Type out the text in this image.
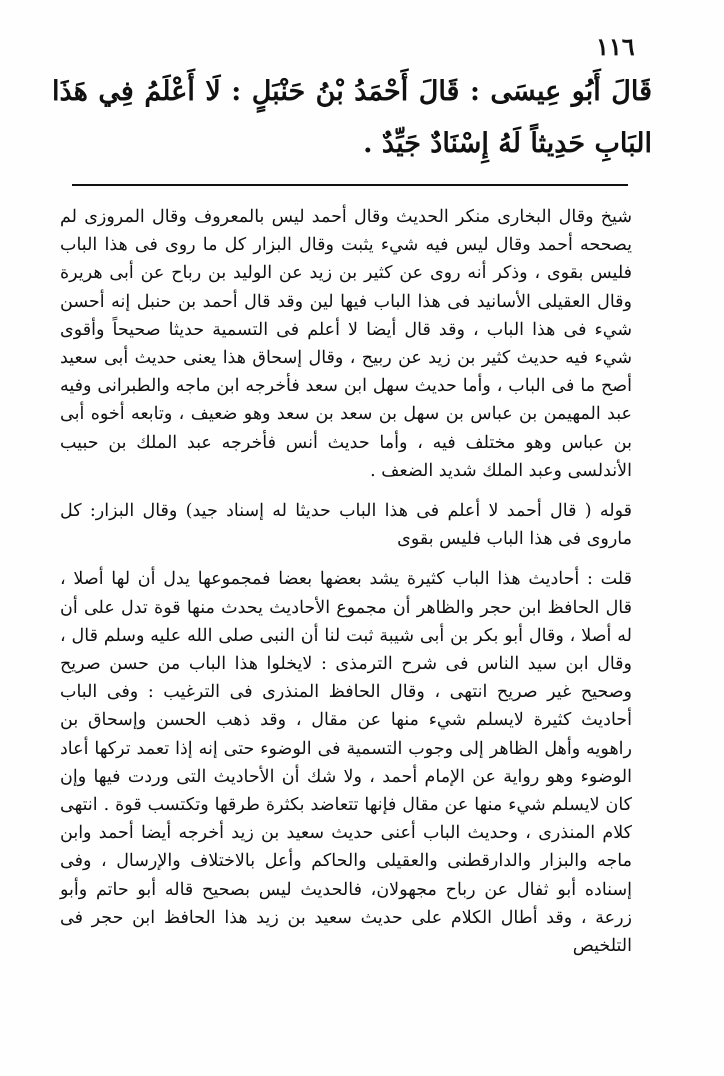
١١٦
قَالَ أَبُو عِيسَى : قَالَ أَحْمَدُ بْنُ حَنْبَلٍ : لَا أَعْلَمُ فِي هَذَا البَابِ حَدِيثاً لَهُ إِسْنَادٌ جَيِّدٌ .

شيخ وقال البخارى منكر الحديث وقال أحمد ليس بالمعروف وقال المروزى لم يصححه أحمد وقال ليس فيه شيء يثبت وقال البزار كل ما روى فى هذا الباب فليس بقوى ، وذكر أنه روى عن كثير بن زيد عن الوليد بن رباح عن أبى هريرة وقال العقيلى الأسانيد فى هذا الباب فيها لين وقد قال أحمد بن حنبل إنه أحسن شيء فى هذا الباب ، وقد قال أيضا لا أعلم فى التسمية حديثا صحيحاً وأقوى شيء فيه حديث كثير بن زيد عن ربيح ، وقال إسحاق هذا يعنى حديث أبى سعيد أصح ما فى الباب ، وأما حديث سهل ابن سعد فأخرجه ابن ماجه والطبرانى وفيه عبد المهيمن بن عباس بن سهل بن سعد بن سعد وهو ضعيف ، وتابعه أخوه أبى بن عباس وهو مختلف فيه ، وأما حديث أنس فأخرجه عبد الملك بن حبيب الأندلسى وعبد الملك شديد الضعف .

قوله ( قال أحمد لا أعلم فى هذا الباب حديثا له إسناد جيد) وقال البزار: كل ماروى فى هذا الباب فليس بقوى

قلت : أحاديث هذا الباب كثيرة يشد بعضها بعضا فمجموعها يدل أن لها أصلا ، قال الحافظ ابن حجر والظاهر أن مجموع الأحاديث يحدث منها قوة تدل على أن له أصلا ، وقال أبو بكر بن أبى شيبة ثبت لنا أن النبى صلى الله عليه وسلم قال ، وقال ابن سيد الناس فى شرح الترمذى : لايخلوا هذا الباب من حسن صريح وصحيح غير صريح انتهى ، وقال الحافظ المنذرى فى الترغيب : وفى الباب أحاديث كثيرة لايسلم شيء منها عن مقال ، وقد ذهب الحسن وإسحاق بن راهويه وأهل الظاهر إلى وجوب التسمية فى الوضوء حتى إنه إذا تعمد تركها أعاد الوضوء وهو رواية عن الإمام أحمد ، ولا شك أن الأحاديث التى وردت فيها وإن كان لايسلم شيء منها عن مقال فإنها تتعاضد بكثرة طرقها وتكتسب قوة . انتهى كلام المنذرى ، وحديث الباب أعنى حديث سعيد بن زيد أخرجه أيضا أحمد وابن ماجه والبزار والدارقطنى والعقيلى والحاكم وأعل بالاختلاف والإرسال ، وفى إسناده أبو ثفال عن رباح مجهولان، فالحديث ليس بصحيح قاله أبو حاتم وأبو زرعة ، وقد أطال الكلام على حديث سعيد بن زيد هذا الحافظ ابن حجر فى التلخيص
